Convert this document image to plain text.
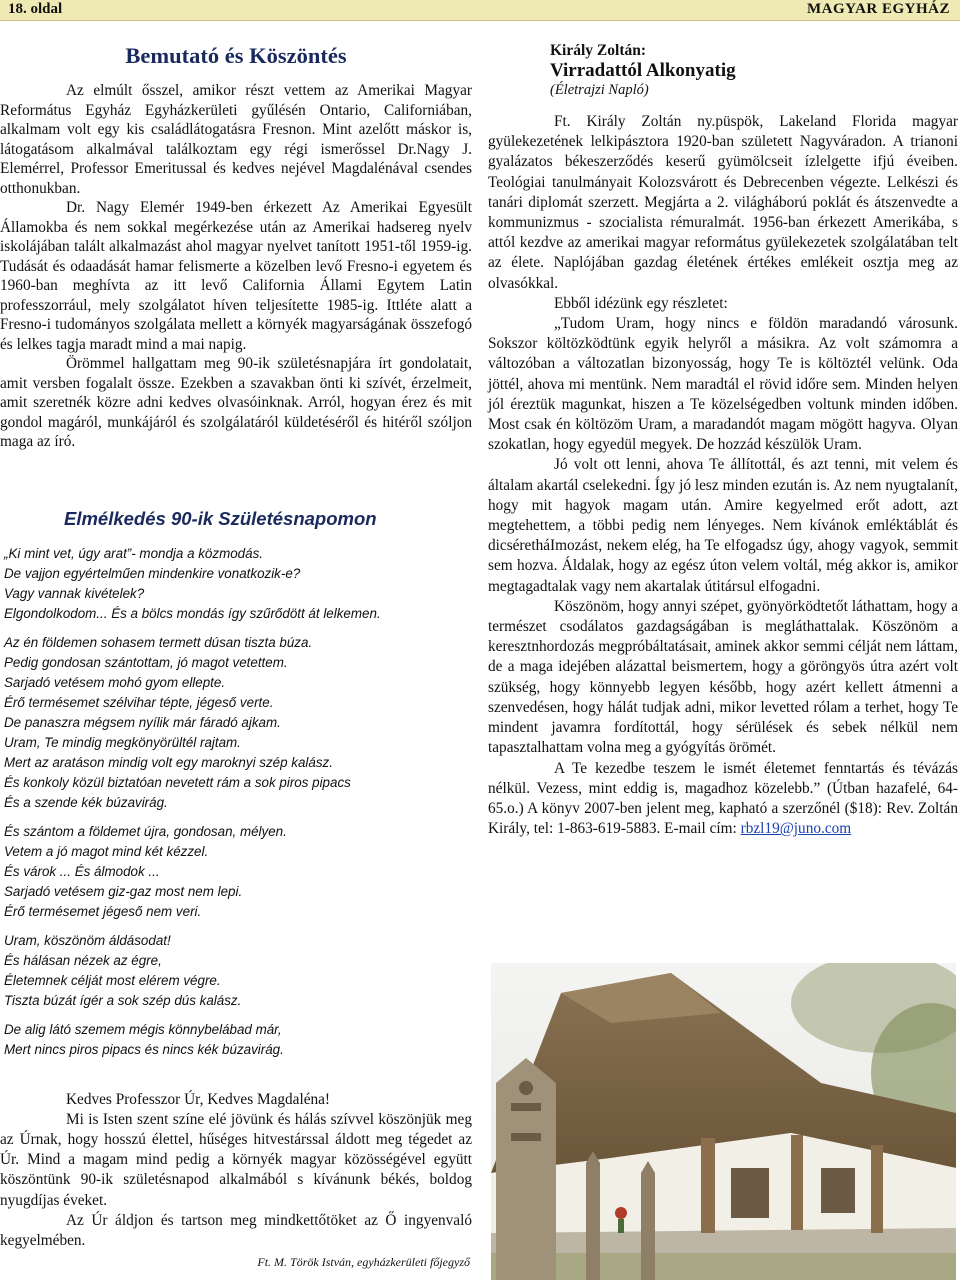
18. oldal	MAGYAR EGYHÁZ
Bemutató és Köszöntés

Az elmúlt ősszel, amikor részt vettem az Amerikai Magyar Református Egyház Egyházkerületi gyűlésén Ontario, Californiában, alkalmam volt egy kis családlátogatásra Fresnon. Mint azelőtt máskor is, látogatásom alkalmával találkoztam egy régi ismerőssel Dr.Nagy J. Elemérrel, Professor Emeritussal és kedves nejével Magdalénával csendes otthonukban.

Dr. Nagy Elemér 1949-ben érkezett Az Amerikai Egyesült Államokba és nem sokkal megérkezése után az Amerikai hadsereg nyelv iskolájában talált alkalmazást ahol magyar nyelvet tanított 1951-től 1959-ig. Tudását és odaadását hamar felismerte a közelben levő Fresno-i egyetem és 1960-ban meghívta az itt levő California Állami Egytem Latin professzorrául, mely szolgálatot híven teljesítette 1985-ig. Ittléte alatt a Fresno-i tudományos szolgálata mellett a környék magyarságának összefogó és lelkes tagja maradt mind a mai napig.

Örömmel hallgattam meg 90-ik születésnapjára írt gondolatait, amit versben fogalalt össze. Ezekben a szavakban önti ki szívét, érzelmeit, amit szeretnék közre adni kedves olvasóinknak. Arról, hogyan érez és mit gondol magáról, munkájáról és szolgálatáról küldetéséről és hitéről szóljon maga az író.

Elmélkedés 90-ik Születésnapomon
„Ki mint vet, úgy arat”- mondja a közmodás.
De vajjon egyértelműen mindenkire vonatkozik-e?
Vagy vannak kivételek?
Elgondolkodom... És a bölcs mondás így szűrődött át lelkemen.
Az én földemen sohasem termett dúsan tiszta búza.
Pedig gondosan szántottam, jó magot vetettem.
Sarjadó vetésem mohó gyom ellepte.
Érő termésemet szélvihar tépte, jégeső verte.
De panaszra mégsem nyílik már fáradó ajkam.
Uram, Te mindig megkönyörültél rajtam.
Mert az aratáson mindig volt egy maroknyi szép kalász.
És konkoly közül biztatóan nevetett rám a sok piros pipacs
És a szende kék búzavirág.
És szántom a földemet újra, gondosan, mélyen.
Vetem a jó magot mind két kézzel.
És várok ... És álmodok ...
Sarjadó vetésem giz-gaz most nem lepi.
Érő termésemet jégeső nem veri.
Uram, köszönöm áldásodat!
És hálásan nézek az égre,
Életemnek célját most elérem végre.
Tiszta búzát ígér a sok szép dús kalász.
De alig látó szemem mégis könnybelábad már,
Mert nincs piros pipacs és nincs kék búzavirág.

Kedves Professzor Úr, Kedves Magdaléna!

Mi is Isten szent színe elé jövünk és hálás szívvel köszönjük meg az Úrnak, hogy hosszú élettel, hűséges hitvestárssal áldott meg tégedet az Úr. Mind a magam mind pedig a környék magyar közösségével együtt köszöntünk 90-ik születésnapod alkalmából s kívánunk békés, boldog nyugdíjas éveket.

Az Úr áldjon és tartson meg mindkettőtöket az Ő ingyenvaló kegyelmében.

Ft. M. Török István, egyházkerületi főjegyző
Király Zoltán:
Virradattól Alkonyatig
(Életrajzi Napló)

Ft. Király Zoltán ny.püspök, Lakeland Florida magyar gyülekezetének lelkipásztora 1920-ban született Nagyváradon. A trianoni gyalázatos békeszerződés keserű gyümölcseit ízlelgette ifjú éveiben. Teológiai tanulmányait Kolozsvárott és Debrecenben végezte. Lelkészi és tanári diplomát szerzett. Megjárta a 2. világháború poklát és átszenvedte a kommunizmus - szocialista rémuralmát. 1956-ban érkezett Amerikába, s attól kezdve az amerikai magyar református gyülekezetek szolgálatában telt az élete. Naplójában gazdag életének értékes emlékeit osztja meg az olvasókkal.

Ebből idézünk egy részletet:

„Tudom Uram, hogy nincs e földön maradandó városunk. Sokszor költözködtünk egyik helyről a másikra. Az volt számomra a változóban a változatlan bizonyosság, hogy Te is költöztél velünk. Oda jöttél, ahova mi mentünk. Nem maradtál el rövid időre sem. Minden helyen jól éreztük magunkat, hiszen a Te közelségedben voltunk minden időben. Most csak én költözöm Uram, a maradandót magam mögött hagyva. Olyan szokatlan, hogy egyedül megyek. De hozzád készülök Uram.

Jó volt ott lenni, ahova Te állítottál, és azt tenni, mit velem és általam akartál cselekedni. Így jó lesz minden ezután is. Az nem nyugtalanít, hogy mit hagyok magam után. Amire kegyelmed erőt adott, azt megtehettem, a többi pedig nem lényeges. Nem kívánok emléktáblát és dicséretháImozást, nekem elég, ha Te elfogadsz úgy, ahogy vagyok, semmit sem hozva. Áldalak, hogy az egész úton velem voltál, még akkor is, amikor megtagadtalak vagy nem akartalak útitársul elfogadni.

Köszönöm, hogy annyi szépet, gyönyörködtetőt láthattam, hogy a természet csodálatos gazdagságában is megláthattalak. Köszönöm a keresztnhordozás megpróbáltatásait, aminek akkor semmi célját nem láttam, de a maga idejében alázattal beismertem, hogy a göröngyös útra azért volt szükség, hogy könnyebb legyen később, hogy azért kellett átmenni a szenvedésen, hogy hálát tudjak adni, mikor levetted rólam a terhet, hogy Te mindent javamra fordítottál, hogy sérülések és sebek nélkül nem tapasztalhattam volna meg a gyógyítás örömét.

A Te kezedbe teszem le ismét életemet fenntartás és tévázás nélkül. Vezess, mint eddig is, magadhoz közelebb.” (Útban hazafelé, 64-65.o.) A könyv 2007-ben jelent meg, kapható a szerzőnél ($18): Rev. Zoltán Király, tel: 1-863-619-5883. E-mail cím: rbzl19@juno.com
